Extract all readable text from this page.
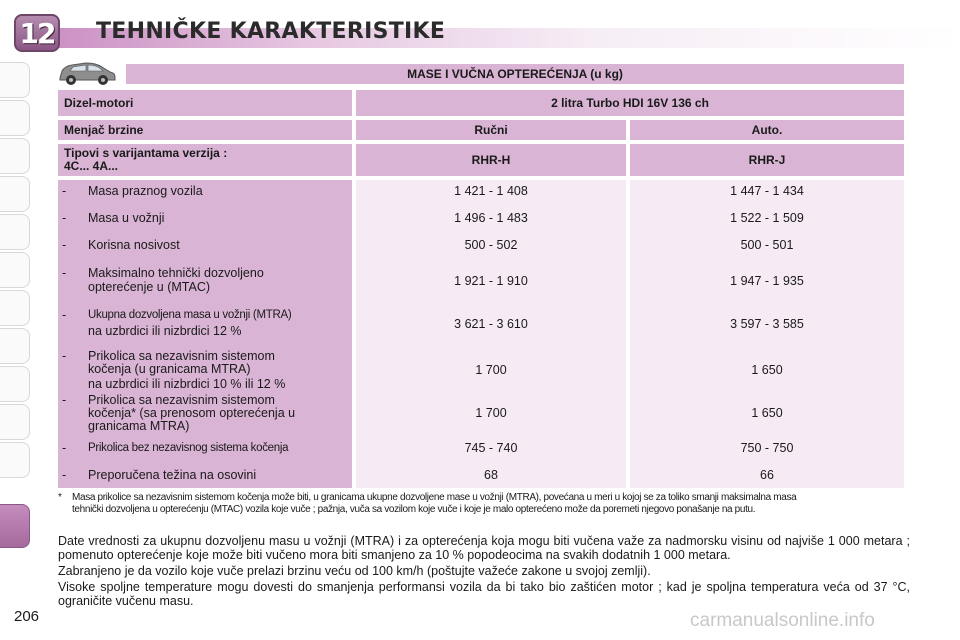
12 TEHNIČKE KARAKTERISTIKE
MASE I VUČNA OPTEREĆENJA (u kg)
Dizel-motori	2 litra Turbo HDI 16V 136 ch
Menjač brzine	Ručni	Auto.
Tipovi s varijantama verzija :
4C... 4A...	RHR-H	RHR-J
- Masa praznog vozila	1 421 - 1 408	1 447 - 1 434
- Masa u vožnji	1 496 - 1 483	1 522 - 1 509
- Korisna nosivost	500 - 502	500 - 501
- Maksimalno tehnički dozvoljeno
opterećenje u (MTAC)	1 921 - 1 910	1 947 - 1 935
- Ukupna dozvoljena masa u vožnji (MTRA)
na uzbrdici ili nizbrdici 12 %	3 621 - 3 610	3 597 - 3 585
- Prikolica sa nezavisnim sistemom
kočenja (u granicama MTRA)
na uzbrdici ili nizbrdici 10 % ili 12 %
1 700	1 650
- Prikolica sa nezavisnim sistemom
kočenja* (sa prenosom opterećenja u
granicama MTRA)
1 700	1 650
- Prikolica bez nezavisnog sistema kočenja	745 - 740	750 - 750
- Preporučena težina na osovini	68	66
* Masa prikolice sa nezavisnim sistemom kočenja može biti, u granicama ukupne dozvoljene mase u vožnji (MTRA), povećana u meri u kojoj se za toliko smanji maksimalna masa
tehnički dozvoljena u opterećenju (MTAC) vozila koje vuče ; pažnja, vuča sa vozilom koje vuče i koje je malo opterećeno može da poremeti njegovo ponašanje na putu.
Date vrednosti za ukupnu dozvoljenu masu u vožnji (MTRA) i za opterećenja koja mogu biti vučena važe za nadmorsku visinu od najviše 1 000 metara ; pomenuto opterećenje koje može biti vučeno mora biti smanjeno za 10 % popodeocima na svakih dodatnih 1 000 metara.
Zabranjeno je da vozilo koje vuče prelazi brzinu veću od 100 km/h (poštujte važeće zakone u svojoj zemlji).
Visoke spoljne temperature mogu dovesti do smanjenja performansi vozila da bi tako bio zaštićen motor ; kad je spoljna temperatura veća od 37 °C, ograničite vučenu masu.
206	carmanualsonline.info
